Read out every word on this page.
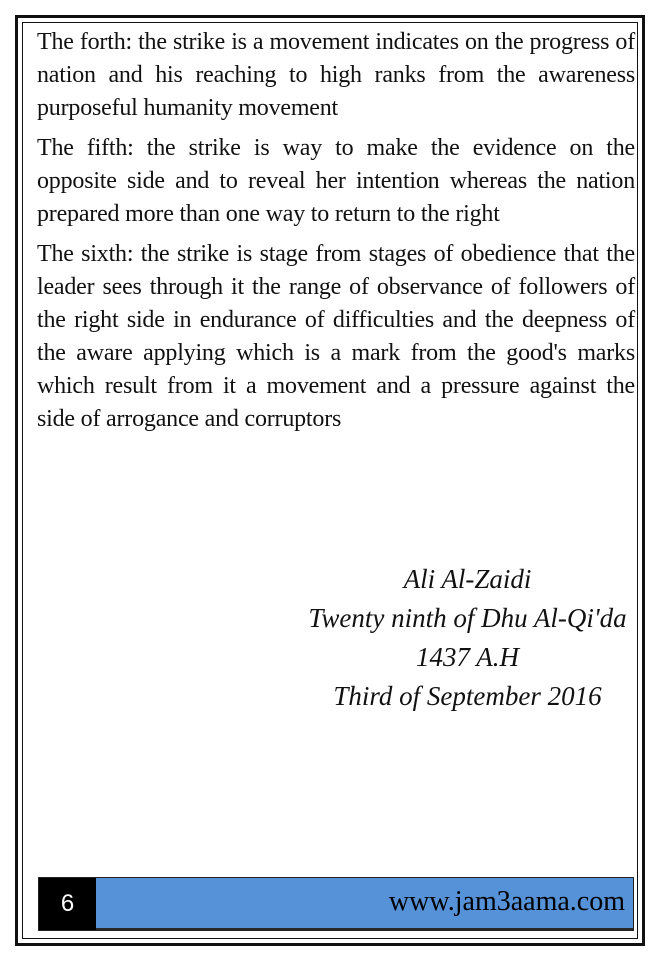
The forth: the strike is a movement indicates on the progress of nation and his reaching to high ranks from the awareness purposeful humanity movement

The fifth: the strike is way to make the evidence on the opposite side and to reveal her intention whereas the nation prepared more than one way to return to the right

The sixth: the strike is stage from stages of obedience that the leader sees through it the range of observance of followers of the right side in endurance of difficulties and the deepness of the aware applying which is a mark from the good's marks which result from it a movement and a pressure against the side of arrogance and corruptors

Ali Al-Zaidi
Twenty ninth of Dhu Al-Qi'da
1437 A.H
Third of September 2016
6	www.jam3aama.com
